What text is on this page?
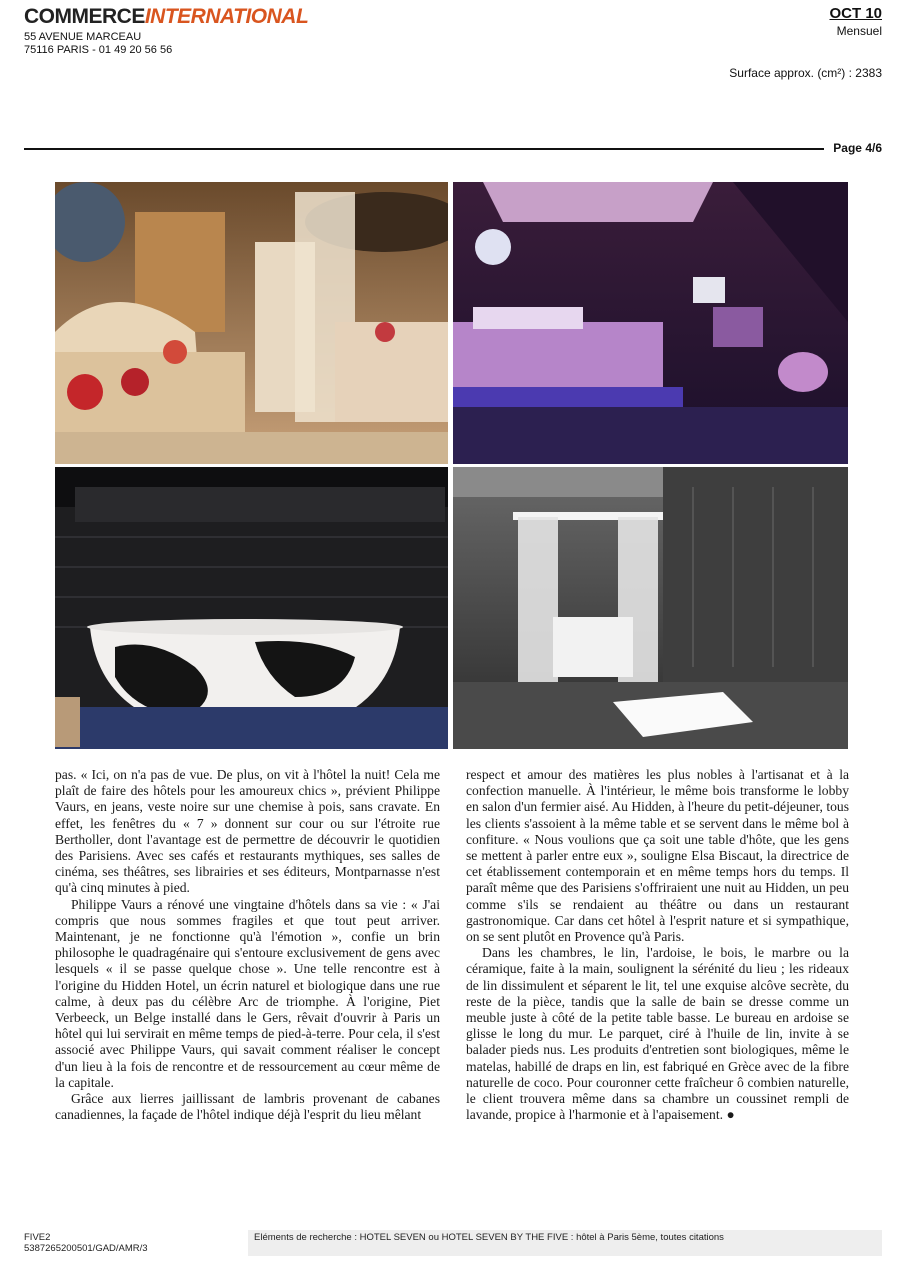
COMMERCEINTERNATIONAL
55 AVENUE MARCEAU
75116 PARIS - 01 49 20 56 56
OCT 10
Mensuel
Surface approx. (cm²) : 2383
Page 4/6

pas. « Ici, on n'a pas de vue. De plus, on vit à l'hôtel la nuit! Cela me plaît de faire des hôtels pour les amoureux chics », prévient Philippe Vaurs, en jeans, veste noire sur une chemise à pois, sans cravate. En effet, les fenêtres du « 7 » donnent sur cour ou sur l'étroite rue Bertholler, dont l'avantage est de permettre de découvrir le quotidien des Parisiens. Avec ses cafés et restaurants mythiques, ses salles de cinéma, ses théâtres, ses librairies et ses éditeurs, Montparnasse n'est qu'à cinq minutes à pied.

Philippe Vaurs a rénové une vingtaine d'hôtels dans sa vie : « J'ai compris que nous sommes fragiles et que tout peut arriver. Maintenant, je ne fonctionne qu'à l'émotion », confie un brin philosophe le quadragénaire qui s'entoure exclusivement de gens avec lesquels « il se passe quelque chose ». Une telle rencontre est à l'origine du Hidden Hotel, un écrin naturel et biologique dans une rue calme, à deux pas du célèbre Arc de triomphe. À l'origine, Piet Verbeeck, un Belge installé dans le Gers, rêvait d'ouvrir à Paris un hôtel qui lui servirait en même temps de pied-à-terre. Pour cela, il s'est associé avec Philippe Vaurs, qui savait comment réaliser le concept d'un lieu à la fois de rencontre et de ressourcement au cœur même de la capitale.

Grâce aux lierres jaillissant de lambris provenant de cabanes canadiennes, la façade de l'hôtel indique déjà l'esprit du lieu mêlant

respect et amour des matières les plus nobles à l'artisanat et à la confection manuelle. À l'intérieur, le même bois transforme le lobby en salon d'un fermier aisé. Au Hidden, à l'heure du petit-déjeuner, tous les clients s'assoient à la même table et se servent dans le même bol à confiture. « Nous voulions que ça soit une table d'hôte, que les gens se mettent à parler entre eux », souligne Elsa Biscaut, la directrice de cet établissement contemporain et en même temps hors du temps. Il paraît même que des Parisiens s'offriraient une nuit au Hidden, un peu comme s'ils se rendaient au théâtre ou dans un restaurant gastronomique. Car dans cet hôtel à l'esprit nature et si sympathique, on se sent plutôt en Provence qu'à Paris.

Dans les chambres, le lin, l'ardoise, le bois, le marbre ou la céramique, faite à la main, soulignent la sérénité du lieu ; les rideaux de lin dissimulent et séparent le lit, tel une exquise alcôve secrète, du reste de la pièce, tandis que la salle de bain se dresse comme un meuble juste à côté de la petite table basse. Le bureau en ardoise se glisse le long du mur. Le parquet, ciré à l'huile de lin, invite à se balader pieds nus. Les produits d'entretien sont biologiques, même le matelas, habillé de draps en lin, est fabriqué en Grèce avec de la fibre naturelle de coco. Pour couronner cette fraîcheur ô combien naturelle, le client trouvera même dans sa chambre un coussinet rempli de lavande, propice à l'harmonie et à l'apaisement. ●

FIVE2
5387265200501/GAD/AMR/3
Eléments de recherche : HOTEL SEVEN ou HOTEL SEVEN BY THE FIVE : hôtel à Paris 5ème, toutes citations
